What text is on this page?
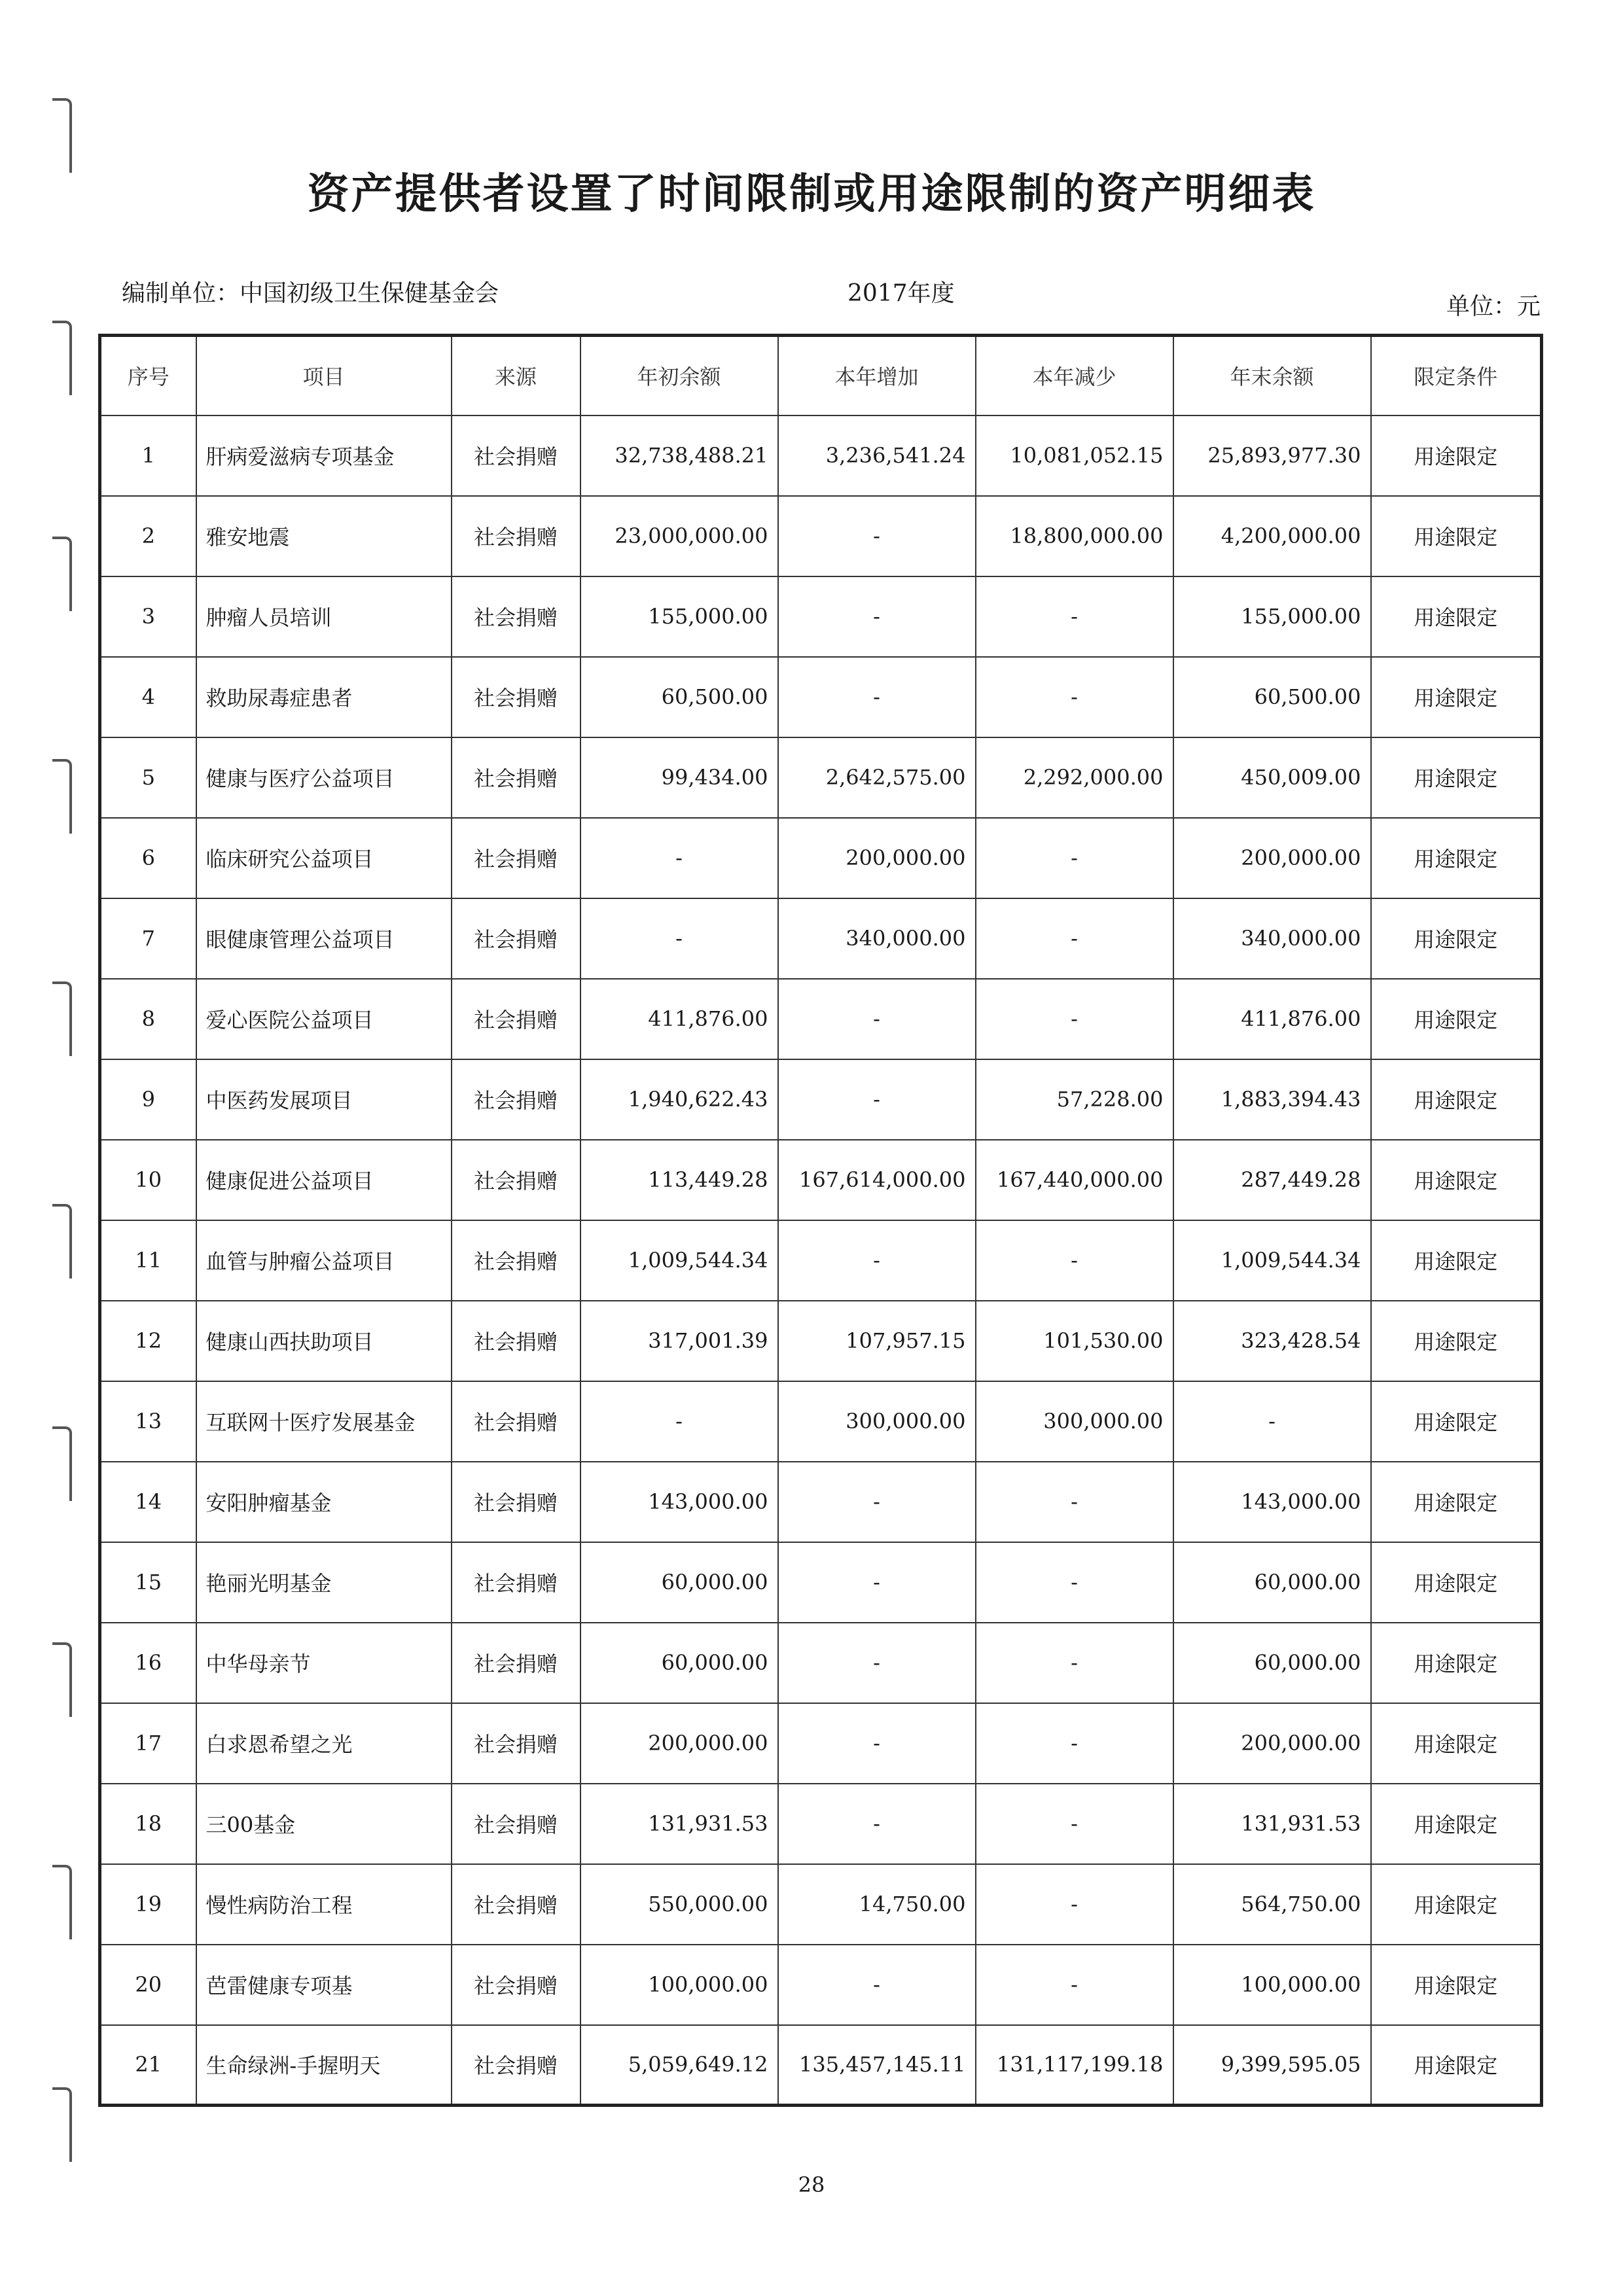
资产提供者设置了时间限制或用途限制的资产明细表
编制单位：中国初级卫生保健基金会	2017年度	单位：元
序号	项目	来源	年初余额	本年增加	本年减少	年末余额	限定条件
1	肝病爱滋病专项基金	社会捐赠	32,738,488.21	3,236,541.24	10,081,052.15	25,893,977.30	用途限定
2	雅安地震	社会捐赠	23,000,000.00	-	18,800,000.00	4,200,000.00	用途限定
3	肿瘤人员培训	社会捐赠	155,000.00	-	-	155,000.00	用途限定
4	救助尿毒症患者	社会捐赠	60,500.00	-	-	60,500.00	用途限定
5	健康与医疗公益项目	社会捐赠	99,434.00	2,642,575.00	2,292,000.00	450,009.00	用途限定
6	临床研究公益项目	社会捐赠	-	200,000.00	-	200,000.00	用途限定
7	眼健康管理公益项目	社会捐赠	-	340,000.00	-	340,000.00	用途限定
8	爱心医院公益项目	社会捐赠	411,876.00	-	-	411,876.00	用途限定
9	中医药发展项目	社会捐赠	1,940,622.43	-	57,228.00	1,883,394.43	用途限定
10	健康促进公益项目	社会捐赠	113,449.28	167,614,000.00	167,440,000.00	287,449.28	用途限定
11	血管与肿瘤公益项目	社会捐赠	1,009,544.34	-	-	1,009,544.34	用途限定
12	健康山西扶助项目	社会捐赠	317,001.39	107,957.15	101,530.00	323,428.54	用途限定
13	互联网十医疗发展基金	社会捐赠	-	300,000.00	300,000.00	-	用途限定
14	安阳肿瘤基金	社会捐赠	143,000.00	-	-	143,000.00	用途限定
15	艳丽光明基金	社会捐赠	60,000.00	-	-	60,000.00	用途限定
16	中华母亲节	社会捐赠	60,000.00	-	-	60,000.00	用途限定
17	白求恩希望之光	社会捐赠	200,000.00	-	-	200,000.00	用途限定
18	三00基金	社会捐赠	131,931.53	-	-	131,931.53	用途限定
19	慢性病防治工程	社会捐赠	550,000.00	14,750.00	-	564,750.00	用途限定
20	芭雷健康专项基	社会捐赠	100,000.00	-	-	100,000.00	用途限定
21	生命绿洲-手握明天	社会捐赠	5,059,649.12	135,457,145.11	131,117,199.18	9,399,595.05	用途限定
28
